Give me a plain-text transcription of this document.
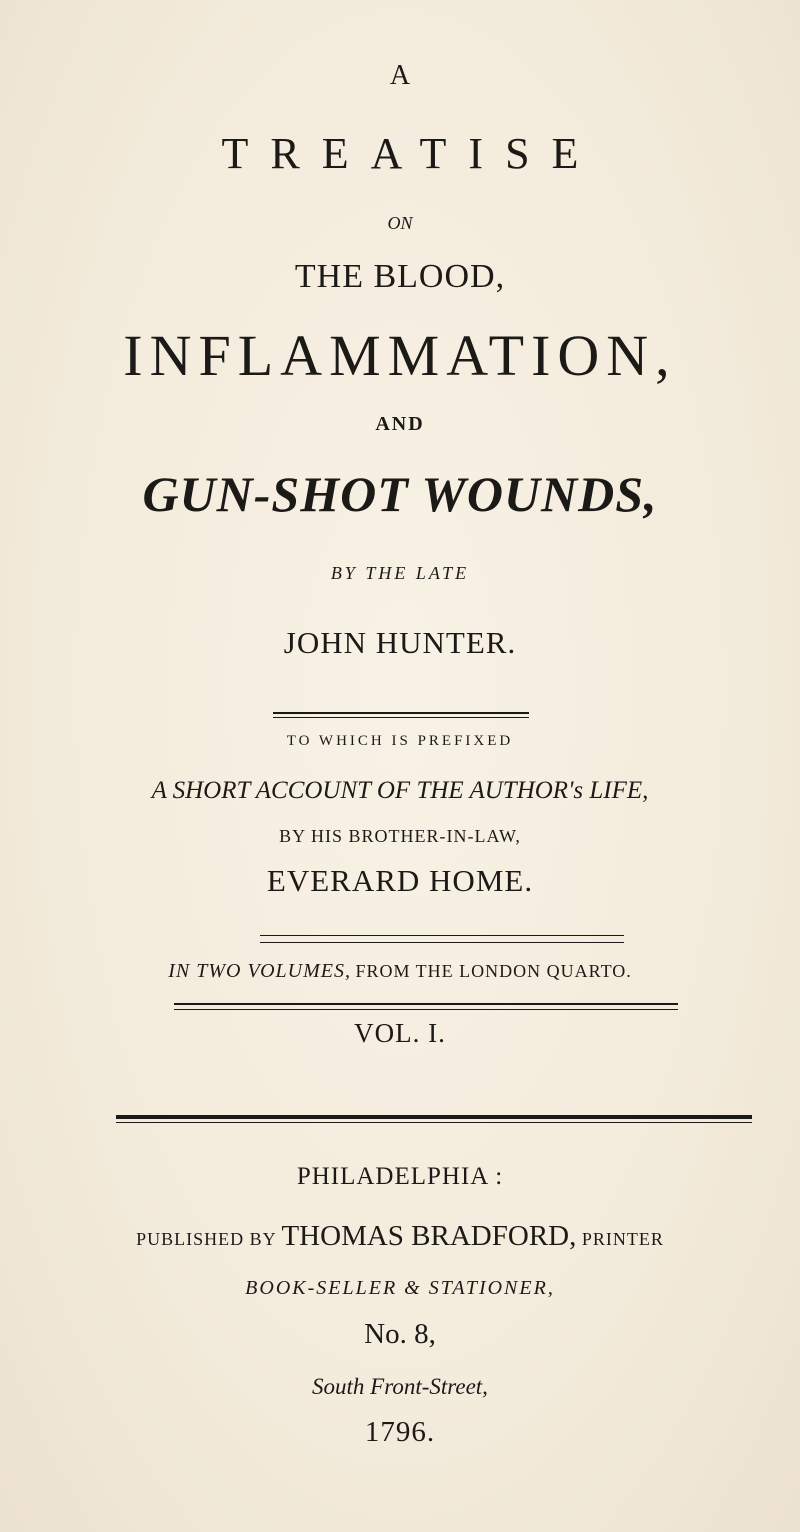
A
TREATISE
ON
THE BLOOD,
INFLAMMATION,
AND
GUN-SHOT WOUNDS,
BY THE LATE
JOHN HUNTER.
TO WHICH IS PREFIXED
A SHORT ACCOUNT OF THE AUTHOR's LIFE,
BY HIS BROTHER-IN-LAW,
EVERARD HOME.
IN TWO VOLUMES, FROM THE LONDON QUARTO.
VOL. I.
PHILADELPHIA :
PUBLISHED BY THOMAS BRADFORD, PRINTER
BOOK-SELLER & STATIONER,
No. 8,
South Front-Street,
1796.
